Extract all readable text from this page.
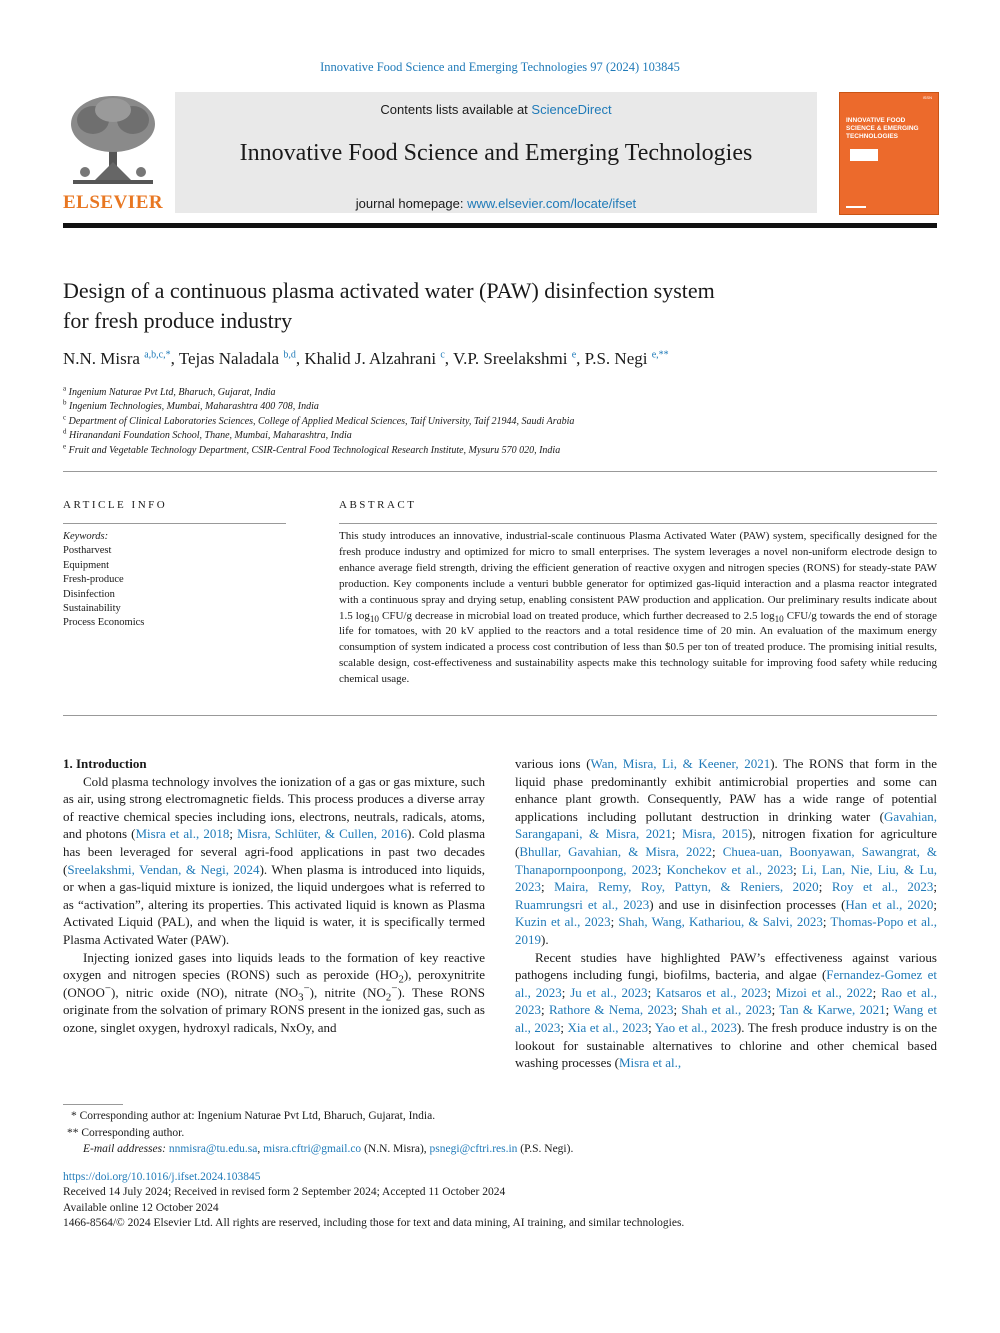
Innovative Food Science and Emerging Technologies 97 (2024) 103845
ELSEVIER
Contents lists available at ScienceDirect
Innovative Food Science and Emerging Technologies
journal homepage: www.elsevier.com/locate/ifset
ISSN
INNOVATIVE FOOD SCIENCE & EMERGING TECHNOLOGIES
Design of a continuous plasma activated water (PAW) disinfection system
for fresh produce industry
N.N. Misra $^{a,b,c,*}$, Tejas Naladala $^{b,d}$, Khalid J. Alzahrani $^c$, V.P. Sreelakshmi $^e$, P.S. Negi $^{e,**}$
$^a$ Ingenium Naturae Pvt Ltd, Bharuch, Gujarat, India
$^b$ Ingenium Technologies, Mumbai, Maharashtra 400 708, India
$^c$ Department of Clinical Laboratories Sciences, College of Applied Medical Sciences, Taif University, Taif 21944, Saudi Arabia
$^d$ Hiranandani Foundation School, Thane, Mumbai, Maharashtra, India
$^e$ Fruit and Vegetable Technology Department, CSIR-Central Food Technological Research Institute, Mysuru 570 020, India
ARTICLE INFO
Keywords:
Postharvest
Equipment
Fresh-produce
Disinfection
Sustainability
Process Economics
ABSTRACT
This study introduces an innovative, industrial-scale continuous Plasma Activated Water (PAW) system, specifically designed for the fresh produce industry and optimized for micro to small enterprises. The system leverages a novel non-uniform electrode design to enhance average field strength, driving the efficient generation of reactive oxygen and nitrogen species (RONS) for steady-state PAW production. Key components include a venturi bubble generator for optimized gas-liquid interaction and a plasma reactor integrated with a continuous spray and drying setup, enabling consistent PAW production and application. Our preliminary results indicate about 1.5 $\log_{10} CFU/g$ decrease in microbial load on treated produce, which further decreased to 2.5 $\log_{10} CFU/g$ towards the end of storage life for tomatoes, with 20 kV applied to the reactors and a total residence time of 20 min. An evaluation of the maximum energy consumption of system indicated a process cost contribution of less than $0.5 per ton of treated produce. The promising initial results, scalable design, cost-effectiveness and sustainability aspects make this technology suitable for improving food safety while reducing chemical usage.

1. Introduction

Cold plasma technology involves the ionization of a gas or gas mixture, such as air, using strong electromagnetic fields. This process produces a diverse array of reactive chemical species including ions, electrons, neutrals, radicals, atoms, and photons (Misra et al., 2018; Misra, Schlüter, & Cullen, 2016). Cold plasma has been leveraged for several agri-food applications in past two decades (Sreelakshmi, Vendan, & Negi, 2024). When plasma is introduced into liquids, or when a gas-liquid mixture is ionized, the liquid undergoes what is referred to as “activation”, altering its properties. This activated liquid is known as Plasma Activated Liquid (PAL), and when the liquid is water, it is specifically termed Plasma Activated Water (PAW).

Injecting ionized gases into liquids leads to the formation of key reactive oxygen and nitrogen species (RONS) such as peroxide $(HO_2)$, peroxynitrite (ONOO−), nitric oxide (NO), nitrate $(NO_3^-)$, nitrite $(NO_2^-)$. These RONS originate from the solvation of primary RONS present in the ionized gas, such as ozone, singlet oxygen, hydroxyl radicals, NxOy, and

various ions (Wan, Misra, Li, & Keener, 2021). The RONS that form in the liquid phase predominantly exhibit antimicrobial properties and some can enhance plant growth. Consequently, PAW has a wide range of potential applications including pollutant destruction in drinking water (Gavahian, Sarangapani, & Misra, 2021; Misra, 2015), nitrogen fixation for agriculture (Bhullar, Gavahian, & Misra, 2022; Chuea-uan, Boonyawan, Sawangrat, & Thanapornpoonpong, 2023; Konchekov et al., 2023; Li, Lan, Nie, Liu, & Lu, 2023; Maira, Remy, Roy, Pattyn, & Reniers, 2020; Roy et al., 2023; Ruamrungsri et al., 2023) and use in disinfection processes (Han et al., 2020; Kuzin et al., 2023; Shah, Wang, Kathariou, & Salvi, 2023; Thomas-Popo et al., 2019).

Recent studies have highlighted PAW’s effectiveness against various pathogens including fungi, biofilms, bacteria, and algae (Fernandez-Gomez et al., 2023; Ju et al., 2023; Katsaros et al., 2023; Mizoi et al., 2022; Rao et al., 2023; Rathore & Nema, 2023; Shah et al., 2023; Tan & Karwe, 2021; Wang et al., 2023; Xia et al., 2023; Yao et al., 2023). The fresh produce industry is on the lookout for sustainable alternatives to chlorine and other chemical based washing processes (Misra et al.,

* Corresponding author at: Ingenium Naturae Pvt Ltd, Bharuch, Gujarat, India.
** Corresponding author.
E-mail addresses: nnmisra@tu.edu.sa, misra.cftri@gmail.co (N.N. Misra), psnegi@cftri.res.in (P.S. Negi).
https://doi.org/10.1016/j.ifset.2024.103845
Received 14 July 2024; Received in revised form 2 September 2024; Accepted 11 October 2024
Available online 12 October 2024
1466-8564/© 2024 Elsevier Ltd. All rights are reserved, including those for text and data mining, AI training, and similar technologies.
